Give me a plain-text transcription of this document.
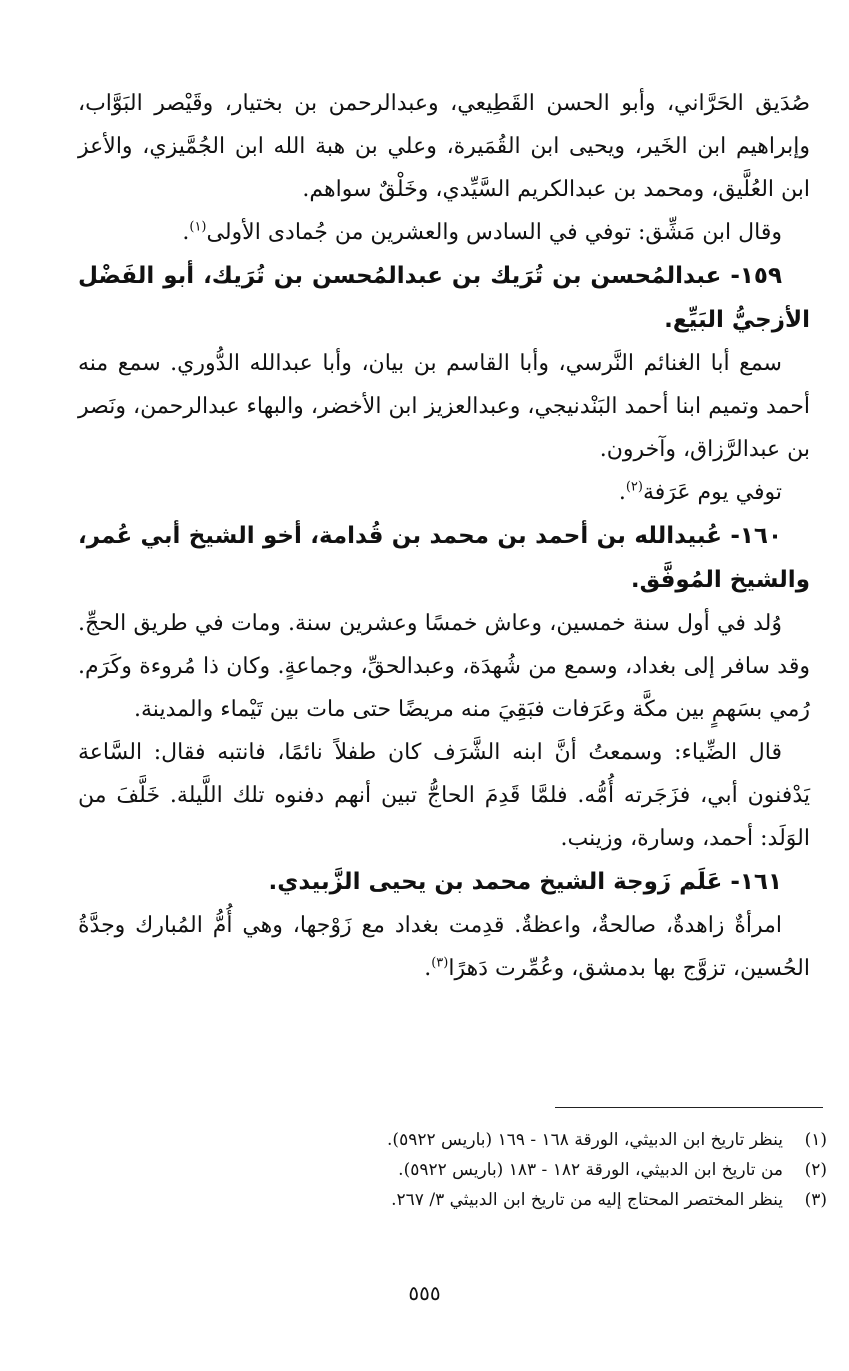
صُدَيق الحَرَّاني، وأبو الحسن القَطِيعي، وعبدالرحمن بن بختيار، وقَيْصر البَوَّاب، وإبراهيم ابن الخَير، ويحيى ابن القُمَيرة، وعلي بن هبة الله ابن الجُمَّيزي، والأعز ابن العُلَّيق، ومحمد بن عبدالكريم السَّيِّدي، وخَلْقٌ سواهم.

وقال ابن مَشِّق: توفي في السادس والعشرين من جُمادى الأولى$^{(١)}$.

١٥٩- عبدالمُحسن بن تُرَيك بن عبدالمُحسن بن تُرَيك، أبو الفَضْل الأزجيُّ البَيِّع.

سمع أبا الغنائم النَّرسي، وأبا القاسم بن بيان، وأبا عبدالله الدُّوري. سمع منه أحمد وتميم ابنا أحمد البَنْدنيجي، وعبدالعزيز ابن الأخضر، والبهاء عبدالرحمن، ونَصر بن عبدالرَّزاق، وآخرون.

توفي يوم عَرَفة$^{(٢)}$.

١٦٠- عُبيدالله بن أحمد بن محمد بن قُدامة، أخو الشيخ أبي عُمر، والشيخ المُوفَّق.

وُلد في أول سنة خمسين، وعاش خمسًا وعشرين سنة. ومات في طريق الحجِّ. وقد سافر إلى بغداد، وسمع من شُهدَة، وعبدالحقِّ، وجماعةٍ. وكان ذا مُروءة وكَرَم. رُمي بسَهمٍ بين مكَّة وعَرَفات فبَقِيَ منه مريضًا حتى مات بين تَيْماء والمدينة.

قال الضِّياء: وسمعتُ أنَّ ابنه الشَّرَف كان طفلاً نائمًا، فانتبه فقال: السَّاعة يَدْفنون أبي، فزَجَرته أُمُّه. فلمَّا قَدِمَ الحاجُّ تبين أنهم دفنوه تلك اللَّيلة. خَلَّفَ من الوَلَد: أحمد، وسارة، وزينب.

١٦١- عَلَم زَوجة الشيخ محمد بن يحيى الزَّبيدي.

امرأةٌ زاهدةٌ، صالحةٌ، واعظةٌ. قدِمت بغداد مع زَوْجها، وهي أُمُّ المُبارك وجدَّةُ الحُسين، تزوَّج بها بدمشق، وعُمِّرت دَهرًا$^{(٣)}$.

(١)ينظر تاريخ ابن الدبيثي، الورقة ١٦٨ - ١٦٩ (باريس ٥٩٢٢).

(٢)من تاريخ ابن الدبيثي، الورقة ١٨٢ - ١٨٣ (باريس ٥٩٢٢).

(٣)ينظر المختصر المحتاج إليه من تاريخ ابن الدبيثي ٣/ ٢٦٧.

٥٥٥
